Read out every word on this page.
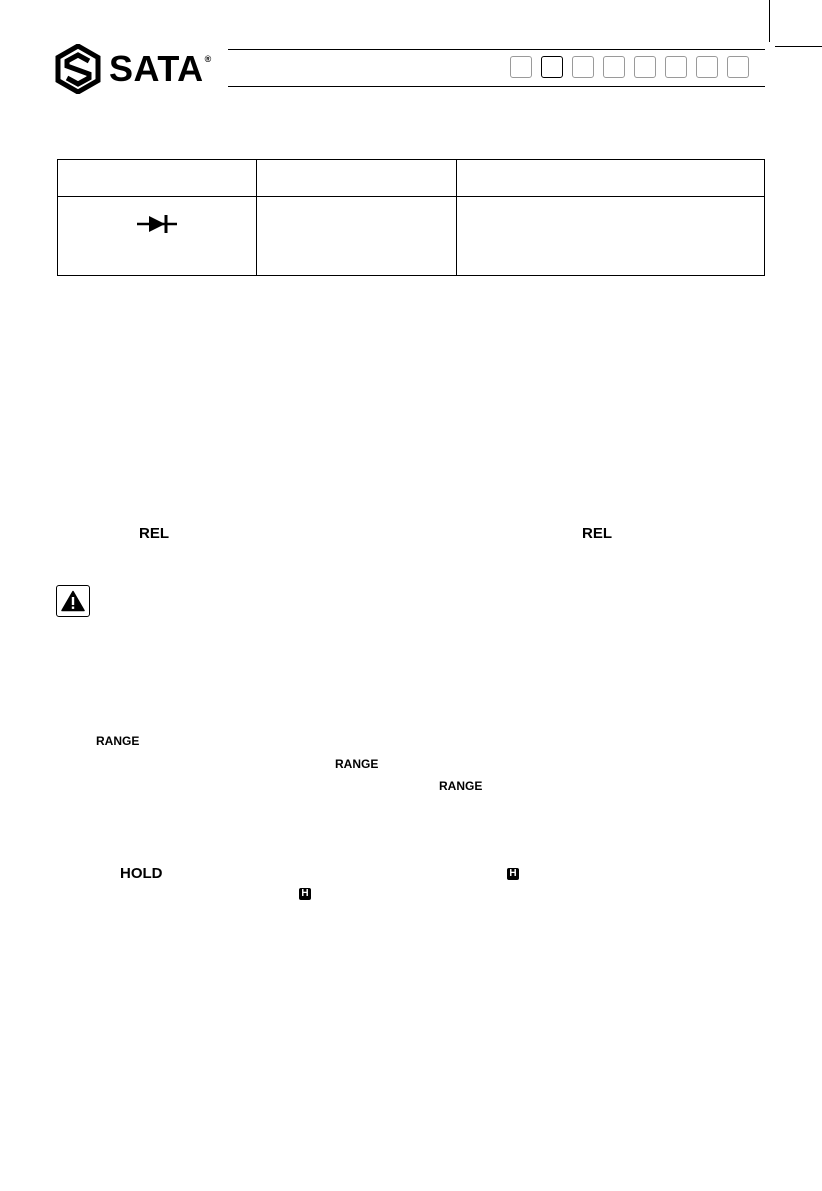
SATA ®

REL	REL
RANGE
RANGE
RANGE
HOLD	H
H
